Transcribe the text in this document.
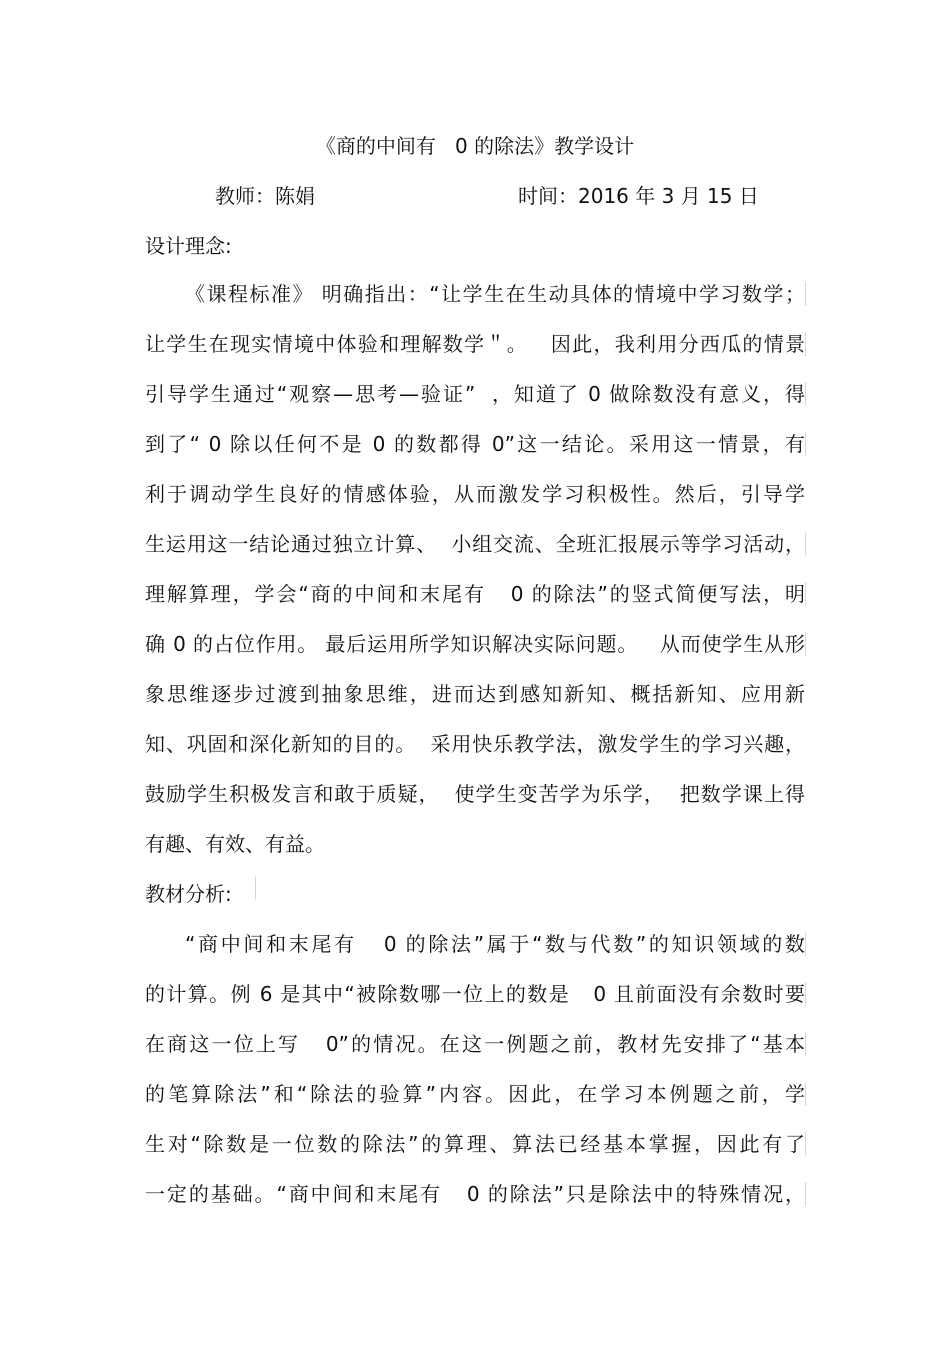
《商的中间有   0 的除法》教学设计
教师：陈娟	时间：2016 年 3 月 15 日
设计理念:
《课程标准》 明确指出：“让学生在生动具体的情境中学习数学；
让学生在现实情境中体验和理解数学＂。   因此，我利用分西瓜的情景
引导学生通过“观察—思考—验证”  ，知道了 0 做除数没有意义，得
到了“ 0 除以任何不是 0 的数都得 0”这一结论。采用这一情景，有
利于调动学生良好的情感体验，从而激发学习积极性。然后，引导学
生运用这一结论通过独立计算、  小组交流、全班汇报展示等学习活动，
理解算理，学会“商的中间和末尾有   0 的除法”的竖式简便写法，明
确 0 的占位作用。 最后运用所学知识解决实际问题。   从而使学生从形
象思维逐步过渡到抽象思维，进而达到感知新知、概括新知、应用新
知、巩固和深化新知的目的。  采用快乐教学法，激发学生的学习兴趣，
鼓励学生积极发言和敢于质疑，  使学生变苦学为乐学，  把数学课上得
有趣、有效、有益。
教材分析:
“商中间和末尾有   0 的除法”属于“数与代数”的知识领域的数
的计算。例 6 是其中“被除数哪一位上的数是   0 且前面没有余数时要
在商这一位上写   0”的情况。在这一例题之前，教材先安排了“基本
的笔算除法”和“除法的验算”内容。因此，在学习本例题之前，学
生对“除数是一位数的除法”的算理、算法已经基本掌握，因此有了
一定的基础。“商中间和末尾有   0 的除法”只是除法中的特殊情况，
